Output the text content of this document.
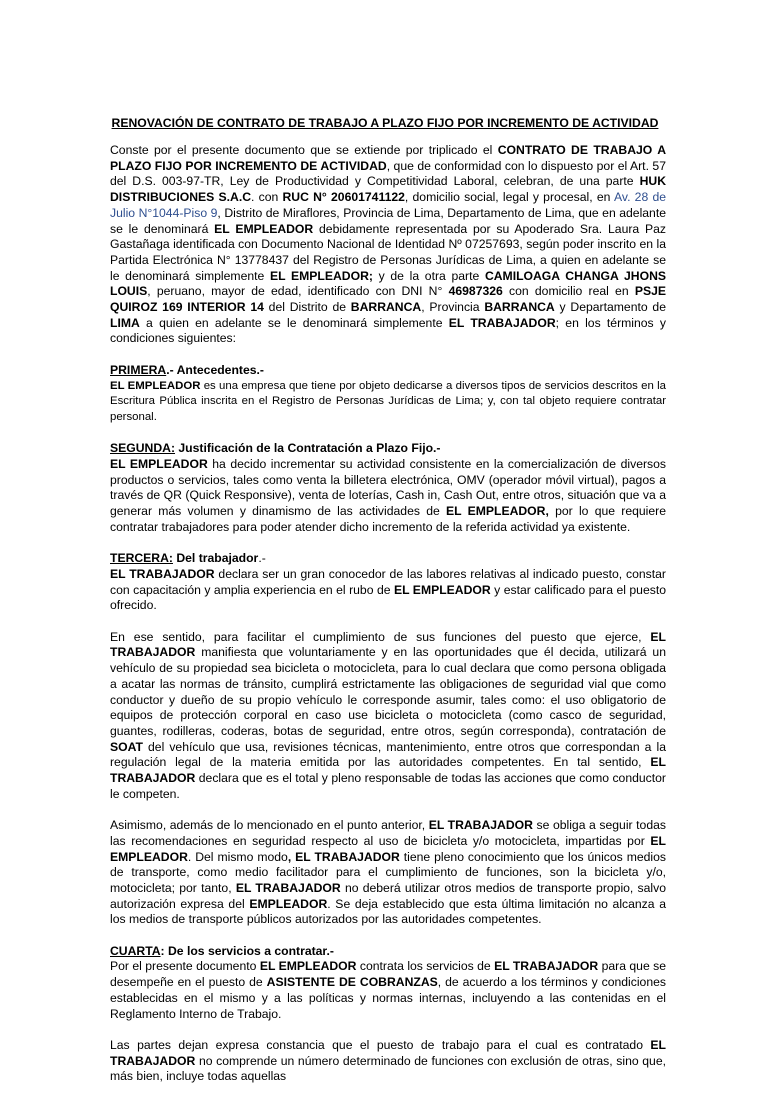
RENOVACIÓN DE CONTRATO DE TRABAJO A PLAZO FIJO POR INCREMENTO DE ACTIVIDAD

Conste por el presente documento que se extiende por triplicado el CONTRATO DE TRABAJO A PLAZO FIJO POR INCREMENTO DE ACTIVIDAD, que de conformidad con lo dispuesto por el Art. 57 del D.S. 003-97-TR, Ley de Productividad y Competitividad Laboral, celebran, de una parte HUK DISTRIBUCIONES S.A.C. con RUC N° 20601741122, domicilio social, legal y procesal, en Av. 28 de Julio N°1044-Piso 9, Distrito de Miraflores, Provincia de Lima, Departamento de Lima, que en adelante se le denominará EL EMPLEADOR debidamente representada por su Apoderado Sra. Laura Paz Gastañaga identificada con Documento Nacional de Identidad Nº 07257693, según poder inscrito en la Partida Electrónica N° 13778437 del Registro de Personas Jurídicas de Lima, a quien en adelante se le denominará simplemente EL EMPLEADOR; y de la otra parte CAMILOAGA CHANGA JHONS LOUIS, peruano, mayor de edad, identificado con DNI N° 46987326 con domicilio real en PSJE QUIROZ 169 INTERIOR 14 del Distrito de BARRANCA, Provincia BARRANCA y Departamento de LIMA a quien en adelante se le denominará simplemente EL TRABAJADOR; en los términos y condiciones siguientes:

PRIMERA.- Antecedentes.-

EL EMPLEADOR es una empresa que tiene por objeto dedicarse a diversos tipos de servicios descritos en la Escritura Pública inscrita en el Registro de Personas Jurídicas de Lima; y, con tal objeto requiere contratar personal.

SEGUNDA: Justificación de la Contratación a Plazo Fijo.-

EL EMPLEADOR ha decido incrementar su actividad consistente en la comercialización de diversos productos o servicios, tales como venta la billetera electrónica, OMV (operador móvil virtual), pagos a través de QR (Quick Responsive), venta de loterías, Cash in, Cash Out, entre otros, situación que va a generar más volumen y dinamismo de las actividades de EL EMPLEADOR, por lo que requiere contratar trabajadores para poder atender dicho incremento de la referida actividad ya existente.

TERCERA: Del trabajador.-

EL TRABAJADOR declara ser un gran conocedor de las labores relativas al indicado puesto, constar con capacitación y amplia experiencia en el rubo de EL EMPLEADOR y estar calificado para el puesto ofrecido.

En ese sentido, para facilitar el cumplimiento de sus funciones del puesto que ejerce, EL TRABAJADOR manifiesta que voluntariamente y en las oportunidades que él decida, utilizará un vehículo de su propiedad sea bicicleta o motocicleta, para lo cual declara que como persona obligada a acatar las normas de tránsito, cumplirá estrictamente las obligaciones de seguridad vial que como conductor y dueño de su propio vehículo le corresponde asumir, tales como: el uso obligatorio de equipos de protección corporal en caso use bicicleta o motocicleta (como casco de seguridad, guantes, rodilleras, coderas, botas de seguridad, entre otros, según corresponda), contratación de SOAT del vehículo que usa, revisiones técnicas, mantenimiento, entre otros que correspondan a la regulación legal de la materia emitida por las autoridades competentes. En tal sentido, EL TRABAJADOR declara que es el total y pleno responsable de todas las acciones que como conductor le competen.

Asimismo, además de lo mencionado en el punto anterior, EL TRABAJADOR se obliga a seguir todas las recomendaciones en seguridad respecto al uso de bicicleta y/o motocicleta, impartidas por EL EMPLEADOR. Del mismo modo, EL TRABAJADOR tiene pleno conocimiento que los únicos medios de transporte, como medio facilitador para el cumplimiento de funciones, son la bicicleta y/o, motocicleta; por tanto, EL TRABAJADOR no deberá utilizar otros medios de transporte propio, salvo autorización expresa del EMPLEADOR. Se deja establecido que esta última limitación no alcanza a los medios de transporte públicos autorizados por las autoridades competentes.

CUARTA: De los servicios a contratar.-

Por el presente documento EL EMPLEADOR contrata los servicios de EL TRABAJADOR para que se desempeñe en el puesto de ASISTENTE DE COBRANZAS, de acuerdo a los términos y condiciones establecidas en el mismo y a las políticas y normas internas, incluyendo a las contenidas en el Reglamento Interno de Trabajo.

Las partes dejan expresa constancia que el puesto de trabajo para el cual es contratado EL TRABAJADOR no comprende un número determinado de funciones con exclusión de otras, sino que, más bien, incluye todas aquellas
